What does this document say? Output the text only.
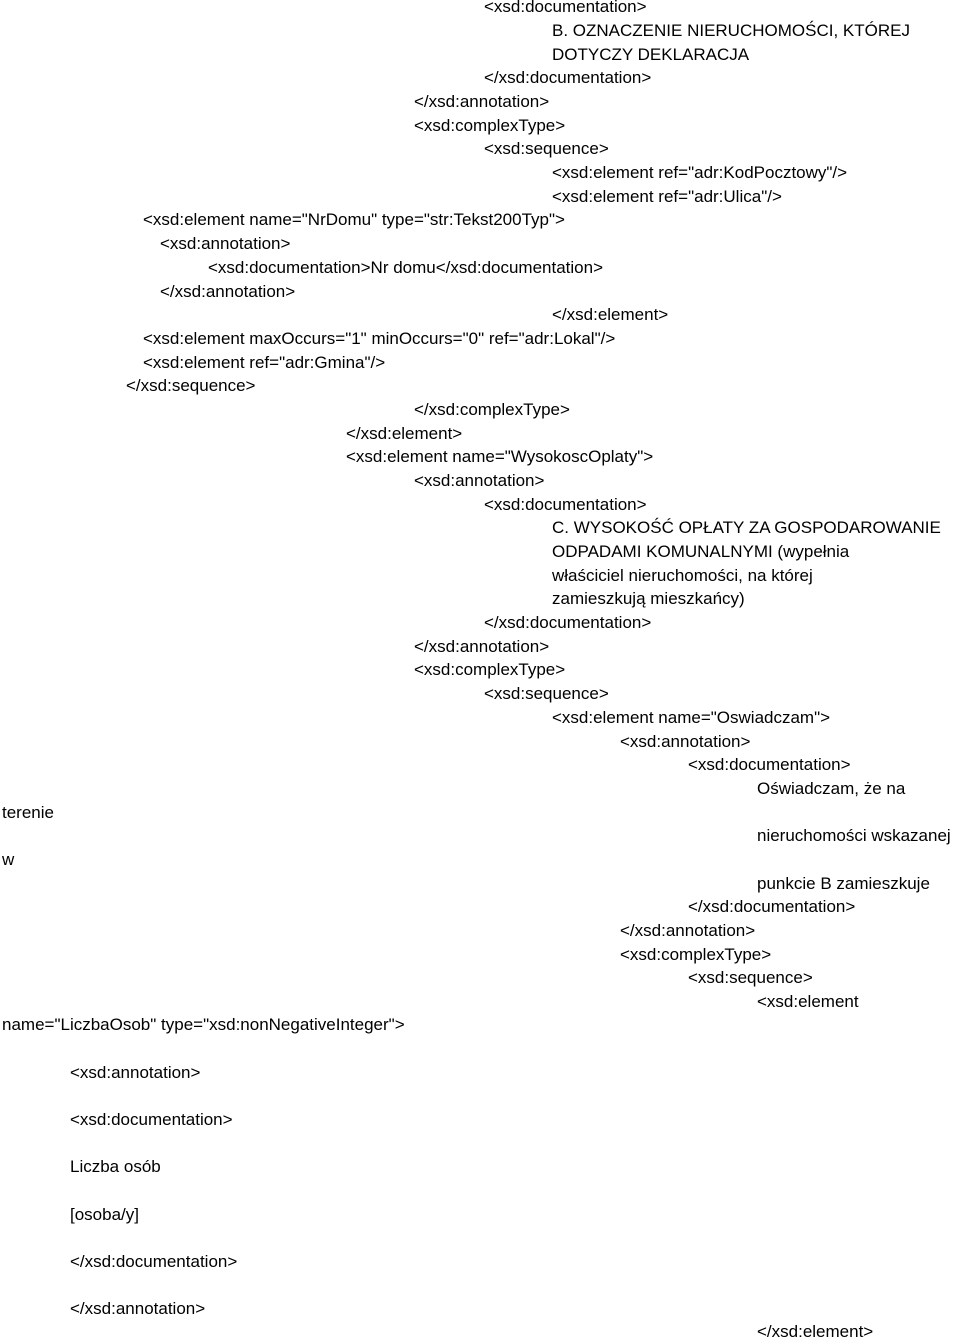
<xsd:documentation>
B. OZNACZENIE NIERUCHOMOŚCI, KTÓREJ
DOTYCZY DEKLARACJA
</xsd:documentation>
</xsd:annotation>
<xsd:complexType>
<xsd:sequence>
<xsd:element ref="adr:KodPocztowy"/>
<xsd:element ref="adr:Ulica"/>
<xsd:element name="NrDomu" type="str:Tekst200Typ">
<xsd:annotation>
<xsd:documentation>Nr domu</xsd:documentation>
</xsd:annotation>
</xsd:element>
<xsd:element maxOccurs="1" minOccurs="0" ref="adr:Lokal"/>
<xsd:element ref="adr:Gmina"/>
</xsd:sequence>
</xsd:complexType>
</xsd:element>
<xsd:element name="WysokoscOplaty">
<xsd:annotation>
<xsd:documentation>
C. WYSOKOŚĆ OPŁATY ZA GOSPODAROWANIE
ODPADAMI KOMUNALNYMI (wypełnia
właściciel nieruchomości, na której
zamieszkują mieszkańcy)
</xsd:documentation>
</xsd:annotation>
<xsd:complexType>
<xsd:sequence>
<xsd:element name="Oswiadczam">
<xsd:annotation>
<xsd:documentation>
Oświadczam, że na
terenie
nieruchomości wskazanej
w
punkcie B zamieszkuje
</xsd:documentation>
</xsd:annotation>
<xsd:complexType>
<xsd:sequence>
<xsd:element
name="LiczbaOsob" type="xsd:nonNegativeInteger">
<xsd:annotation>
<xsd:documentation>
Liczba osób
[osoba/y]
</xsd:documentation>
</xsd:annotation>
</xsd:element>
